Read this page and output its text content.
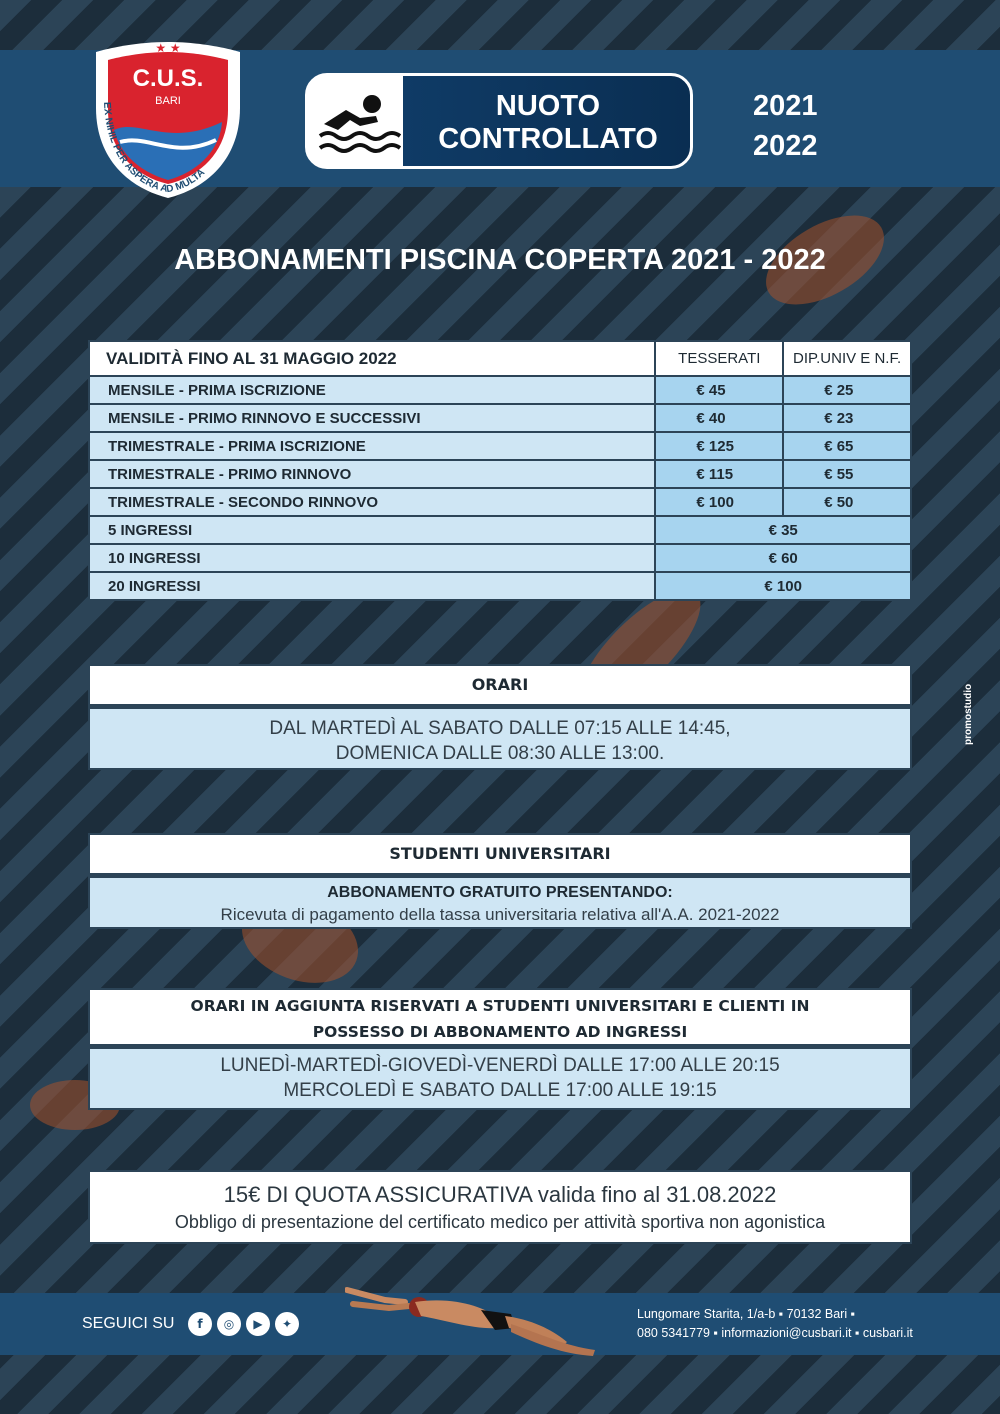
★ ★
C.U.S.
BARI
EX NIHIL PER ASPERA AD MULTA
NUOTO
CONTROLLATO
2021
2022
ABBONAMENTI PISCINA COPERTA 2021 - 2022
VALIDITÀ FINO AL 31 MAGGIO 2022	TESSERATI	DIP.UNIV E N.F.
MENSILE - PRIMA ISCRIZIONE	€ 45	€ 25
MENSILE - PRIMO RINNOVO E SUCCESSIVI	€ 40	€ 23
TRIMESTRALE - PRIMA ISCRIZIONE	€ 125	€ 65
TRIMESTRALE - PRIMO RINNOVO	€ 115	€ 55
TRIMESTRALE - SECONDO RINNOVO	€ 100	€ 50
5 INGRESSI	€ 35	
10 INGRESSI	€ 60	
20 INGRESSI	€ 100	
ORARI
DAL MARTEDÌ AL SABATO DALLE 07:15 ALLE 14:45,
DOMENICA DALLE 08:30 ALLE 13:00.
STUDENTI UNIVERSITARI
ABBONAMENTO GRATUITO PRESENTANDO:
Ricevuta di pagamento della tassa universitaria relativa all'A.A. 2021-2022
ORARI IN AGGIUNTA RISERVATI A STUDENTI UNIVERSITARI E CLIENTI IN
POSSESSO DI ABBONAMENTO AD INGRESSI
LUNEDÌ-MARTEDÌ-GIOVEDÌ-VENERDÌ DALLE 17:00 ALLE 20:15
MERCOLEDÌ E SABATO DALLE 17:00 ALLE 19:15
15€ DI QUOTA ASSICURATIVA valida fino al 31.08.2022
Obbligo di presentazione del certificato medico per attività sportiva non agonistica
SEGUICI SU	f	◎	▶	✦
Lungomare Starita, 1/a-b ▪ 70132 Bari ▪
080 5341779 ▪ informazioni@cusbari.it ▪ cusbari.it
promostudio
